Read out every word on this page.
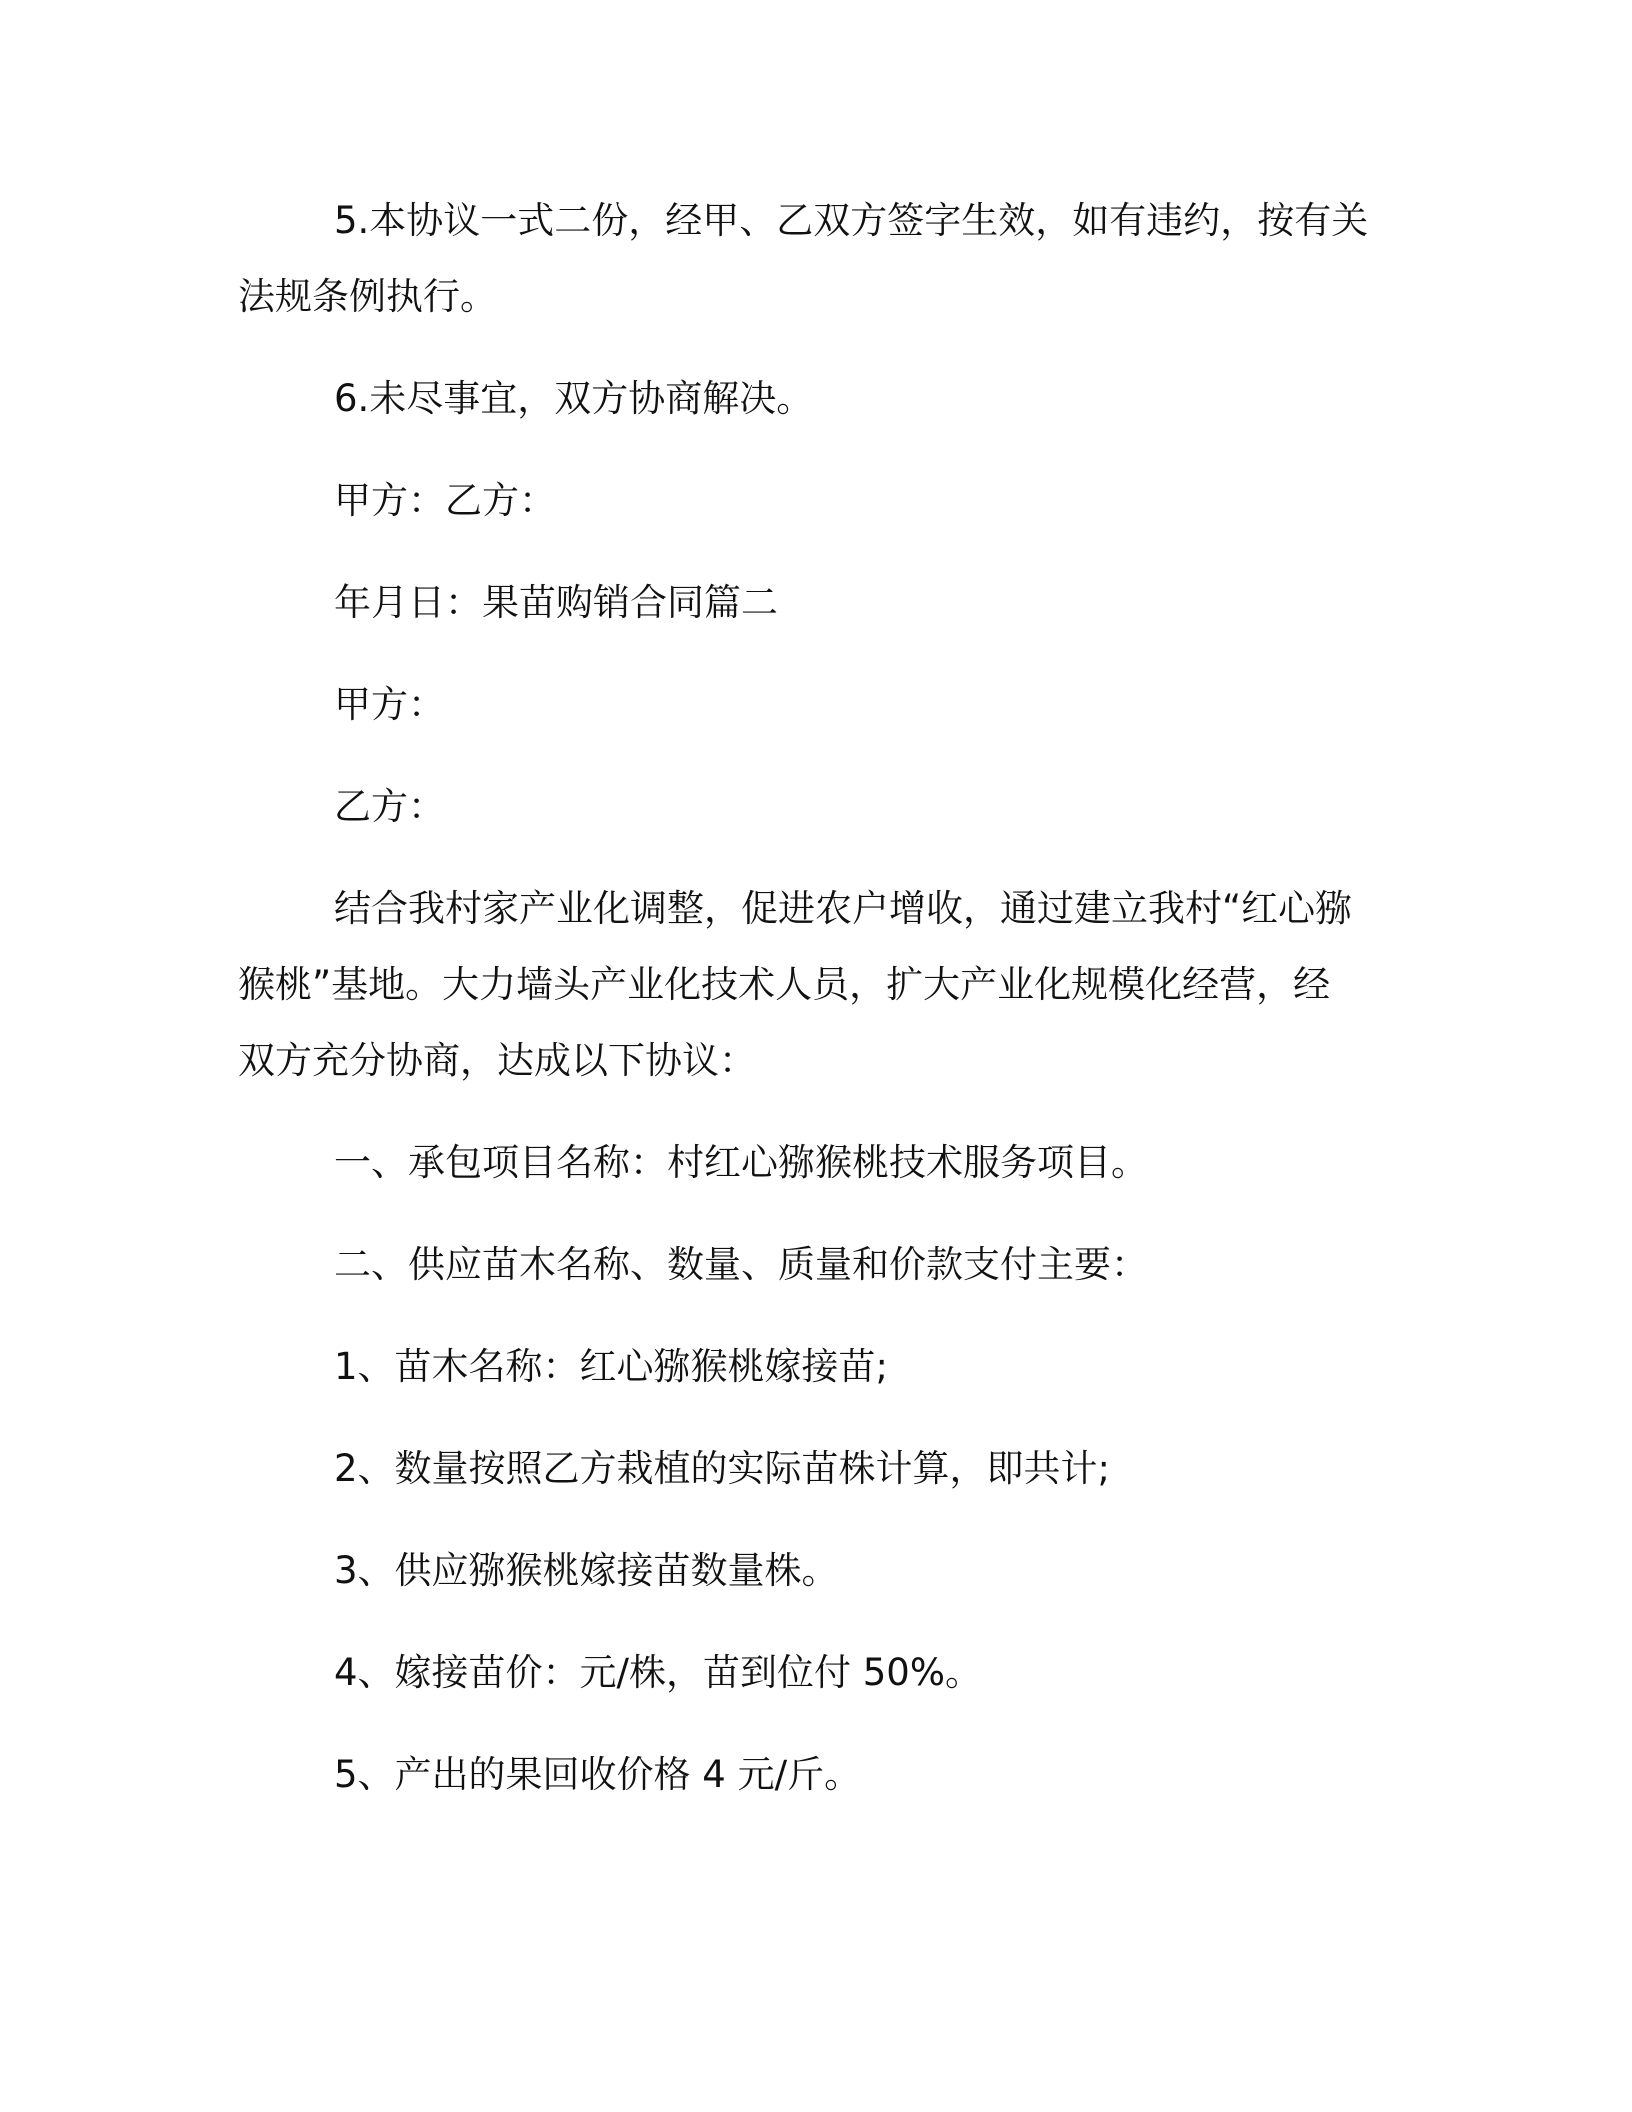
5.本协议一式二份，经甲、乙双方签字生效，如有违约，按有关
法规条例执行。
6.未尽事宜，双方协商解决。
甲方：乙方：
年月日：果苗购销合同篇二
甲方：
乙方：
结合我村家产业化调整，促进农户增收，通过建立我村“红心猕
猴桃”基地。大力墙头产业化技术人员，扩大产业化规模化经营，经
双方充分协商，达成以下协议：
一、承包项目名称：村红心猕猴桃技术服务项目。
二、供应苗木名称、数量、质量和价款支付主要：
1、苗木名称：红心猕猴桃嫁接苗;
2、数量按照乙方栽植的实际苗株计算，即共计;
3、供应猕猴桃嫁接苗数量株。
4、嫁接苗价：元/株，苗到位付 50%。
5、产出的果回收价格 4 元/斤。
